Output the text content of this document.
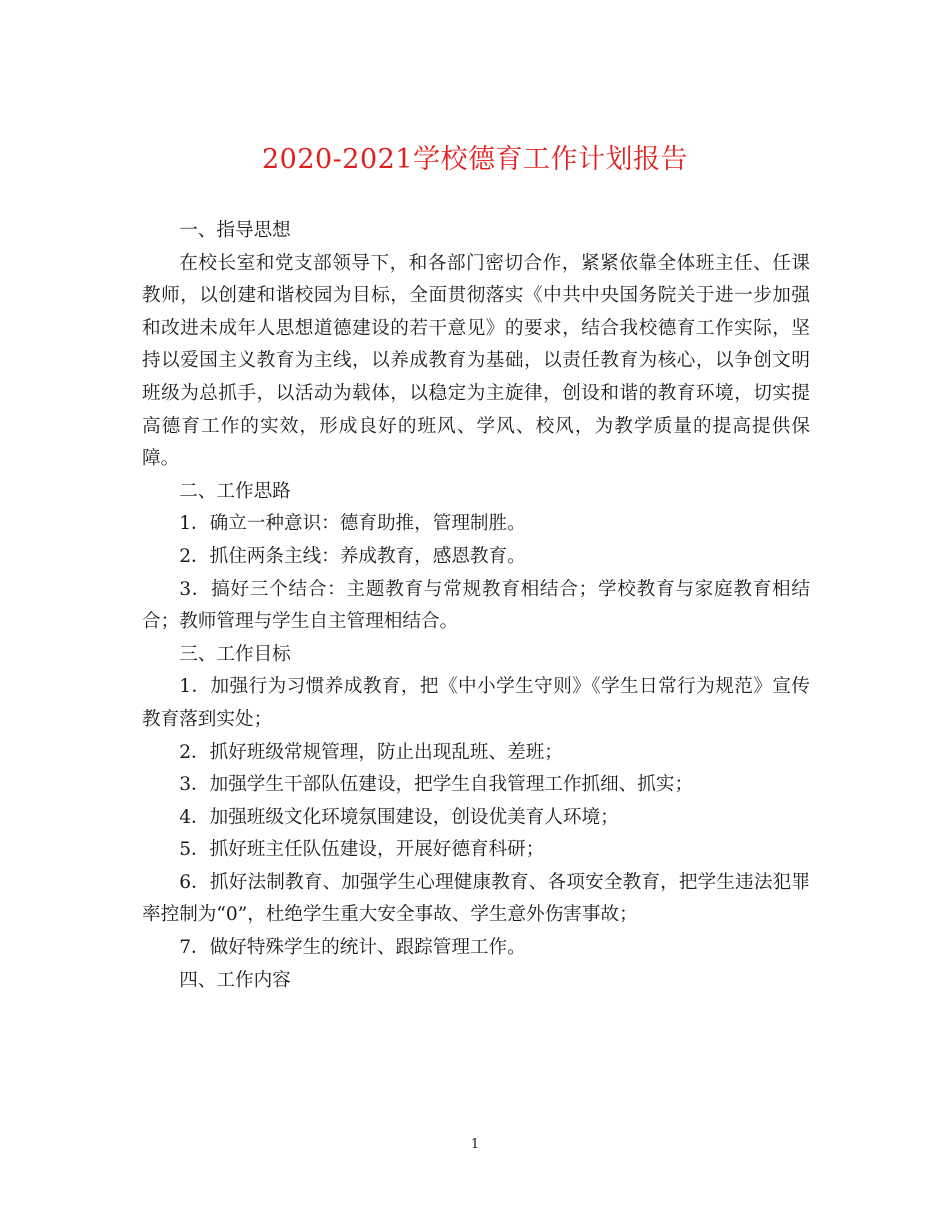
2020-2021学校德育工作计划报告

一、指导思想

在校长室和党支部领导下，和各部门密切合作，紧紧依靠全体班主任、任课教师，以创建和谐校园为目标，全面贯彻落实《中共中央国务院关于进一步加强和改进未成年人思想道德建设的若干意见》的要求，结合我校德育工作实际，坚持以爱国主义教育为主线，以养成教育为基础，以责任教育为核心，以争创文明班级为总抓手，以活动为载体，以稳定为主旋律，创设和谐的教育环境，切实提高德育工作的实效，形成良好的班风、学风、校风，为教学质量的提高提供保障。

二、工作思路

1．确立一种意识：德育助推，管理制胜。

2．抓住两条主线：养成教育，感恩教育。

3．搞好三个结合：主题教育与常规教育相结合；学校教育与家庭教育相结合；教师管理与学生自主管理相结合。

三、工作目标

1．加强行为习惯养成教育，把《中小学生守则》《学生日常行为规范》宣传教育落到实处；

2．抓好班级常规管理，防止出现乱班、差班；

3．加强学生干部队伍建设，把学生自我管理工作抓细、抓实；

4．加强班级文化环境氛围建设，创设优美育人环境；

5．抓好班主任队伍建设，开展好德育科研；

6．抓好法制教育、加强学生心理健康教育、各项安全教育，把学生违法犯罪率控制为“0”，杜绝学生重大安全事故、学生意外伤害事故；

7．做好特殊学生的统计、跟踪管理工作。

四、工作内容

1
